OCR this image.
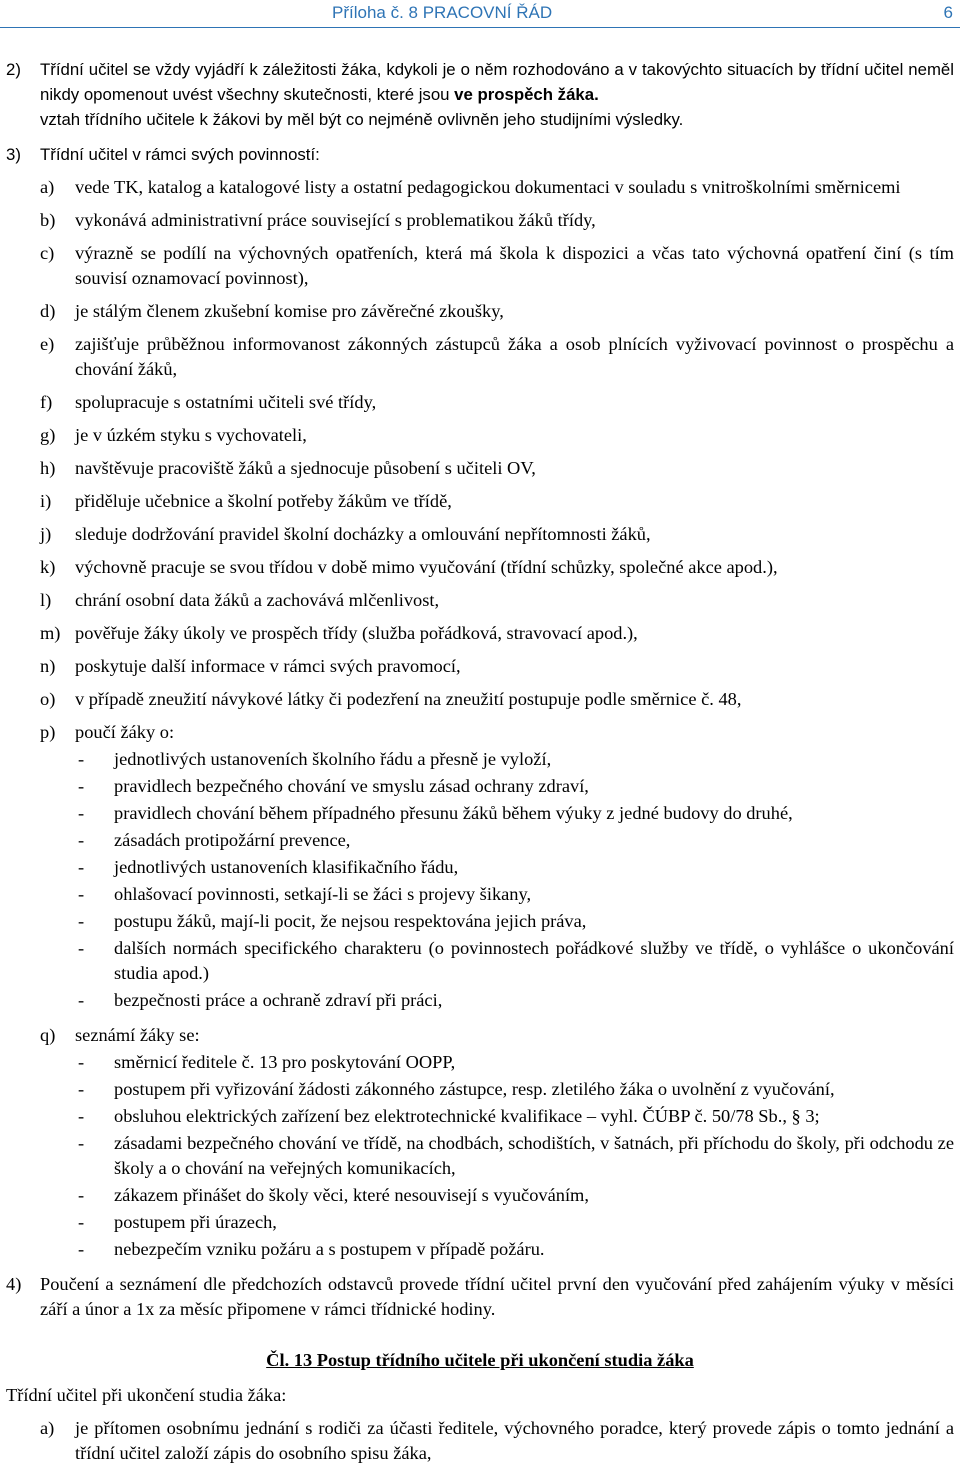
Příloha č. 8 PRACOVNÍ ŘÁD	6
2) Třídní učitel se vždy vyjádří k záležitosti žáka, kdykoli je o něm rozhodováno a v takovýchto situacích by třídní učitel neměl nikdy opomenout uvést všechny skutečnosti, které jsou ve prospěch žáka.
vztah třídního učitele k žákovi by měl být co nejméně ovlivněn jeho studijními výsledky.
3) Třídní učitel v rámci svých povinností:
a) vede TK, katalog a katalogové listy a ostatní pedagogickou dokumentaci v souladu s vnitroškolními směrnicemi
b) vykonává administrativní práce související s problematikou žáků třídy,
c) výrazně se podílí na výchovných opatřeních, která má škola k dispozici a včas tato výchovná opatření činí (s tím souvisí oznamovací povinnost),
d) je stálým členem zkušební komise pro závěrečné zkoušky,
e) zajišťuje průběžnou informovanost zákonných zástupců žáka a osob plnících vyživovací povinnost o prospěchu a chování žáků,
f) spolupracuje s ostatními učiteli své třídy,
g) je v úzkém styku s vychovateli,
h) navštěvuje pracoviště žáků a sjednocuje působení s učiteli OV,
i) přiděluje učebnice a školní potřeby žákům ve třídě,
j) sleduje dodržování pravidel školní docházky a omlouvání nepřítomnosti žáků,
k) výchovně pracuje se svou třídou v době mimo vyučování (třídní schůzky, společné akce apod.),
l) chrání osobní data žáků a zachovává mlčenlivost,
m) pověřuje žáky úkoly ve prospěch třídy (služba pořádková, stravovací apod.),
n) poskytuje další informace v rámci svých pravomocí,
o) v případě zneužití návykové látky či podezření na zneužití postupuje podle směrnice č. 48,
p) poučí žáky o:
- jednotlivých ustanoveních školního řádu a přesně je vyloží,
- pravidlech bezpečného chování ve smyslu zásad ochrany zdraví,
- pravidlech chování během případného přesunu žáků během výuky z jedné budovy do druhé,
- zásadách protipožární prevence,
- jednotlivých ustanoveních klasifikačního řádu,
- ohlašovací povinnosti, setkají-li se žáci s projevy šikany,
- postupu žáků, mají-li pocit, že nejsou respektována jejich práva,
- dalších normách specifického charakteru (o povinnostech pořádkové služby ve třídě, o vyhlášce o ukončování studia apod.)
- bezpečnosti práce a ochraně zdraví při práci,
q) seznámí žáky se:
- směrnicí ředitele č. 13 pro poskytování OOPP,
- postupem při vyřizování žádosti zákonného zástupce, resp. zletilého žáka o uvolnění z vyučování,
- obsluhou elektrických zařízení bez elektrotechnické kvalifikace – vyhl. ČÚBP č. 50/78 Sb., § 3;
- zásadami bezpečného chování ve třídě, na chodbách, schodištích, v šatnách, při příchodu do školy, při odchodu ze školy a o chování na veřejných komunikacích,
- zákazem přinášet do školy věci, které nesouvisejí s vyučováním,
- postupem při úrazech,
- nebezpečím vzniku požáru a s postupem v případě požáru.
4) Poučení a seznámení dle předchozích odstavců provede třídní učitel první den vyučování před zahájením výuky v měsíci září a únor a 1x za měsíc připomene v rámci třídnické hodiny.
Čl. 13 Postup třídního učitele při ukončení studia žáka
Třídní učitel při ukončení studia žáka:
a) je přítomen osobnímu jednání s rodiči za účasti ředitele, výchovného poradce, který provede zápis o tomto jednání a třídní učitel založí zápis do osobního spisu žáka,
